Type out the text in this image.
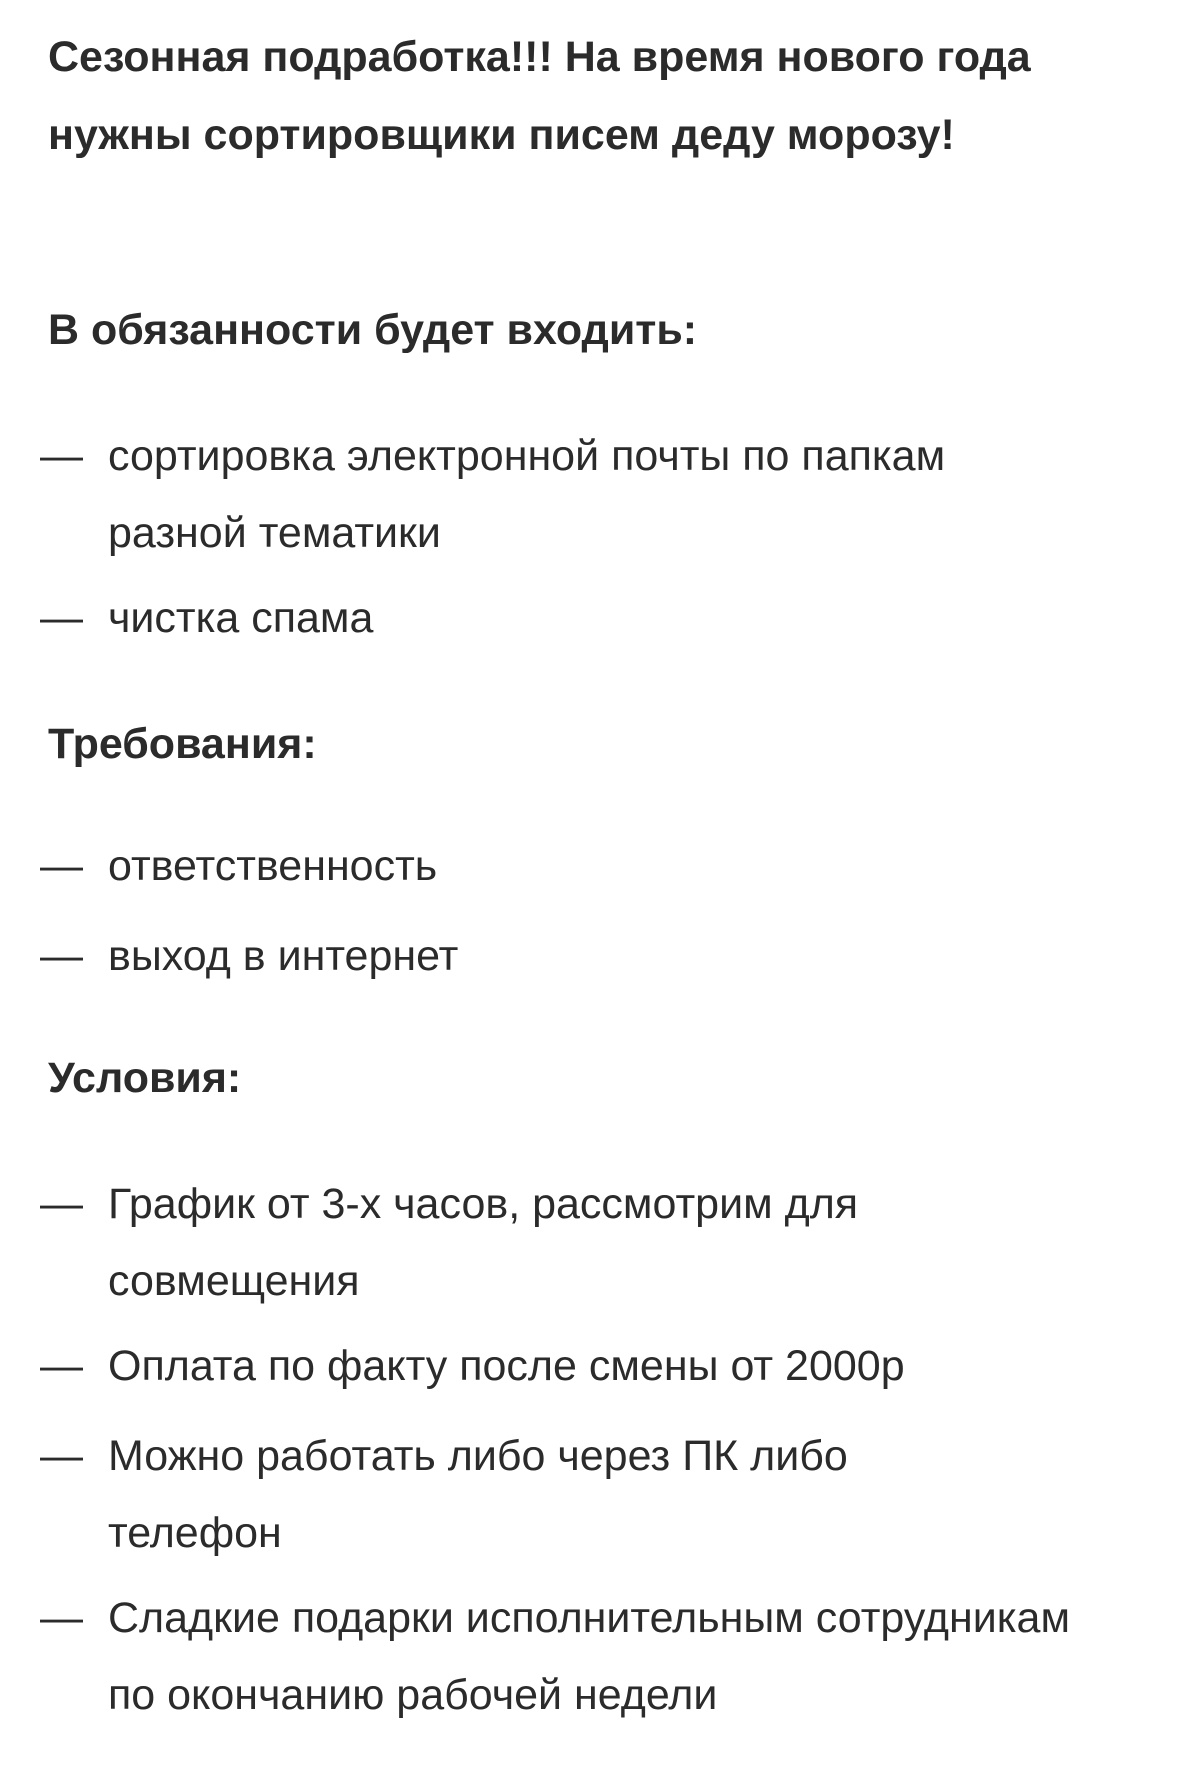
Сезонная подработка!!! На время нового года нужны сортировщики писем деду морозу!
В обязанности будет входить:
— сортировка электронной почты по папкам разной тематики
— чистка спама
Требования:
— ответственность
— выход в интернет
Условия:
— График от 3-х часов, рассмотрим для совмещения
— Оплата по факту после смены от 2000р
— Можно работать либо через ПК либо телефон
— Сладкие подарки исполнительным сотрудникам по окончанию рабочей недели
